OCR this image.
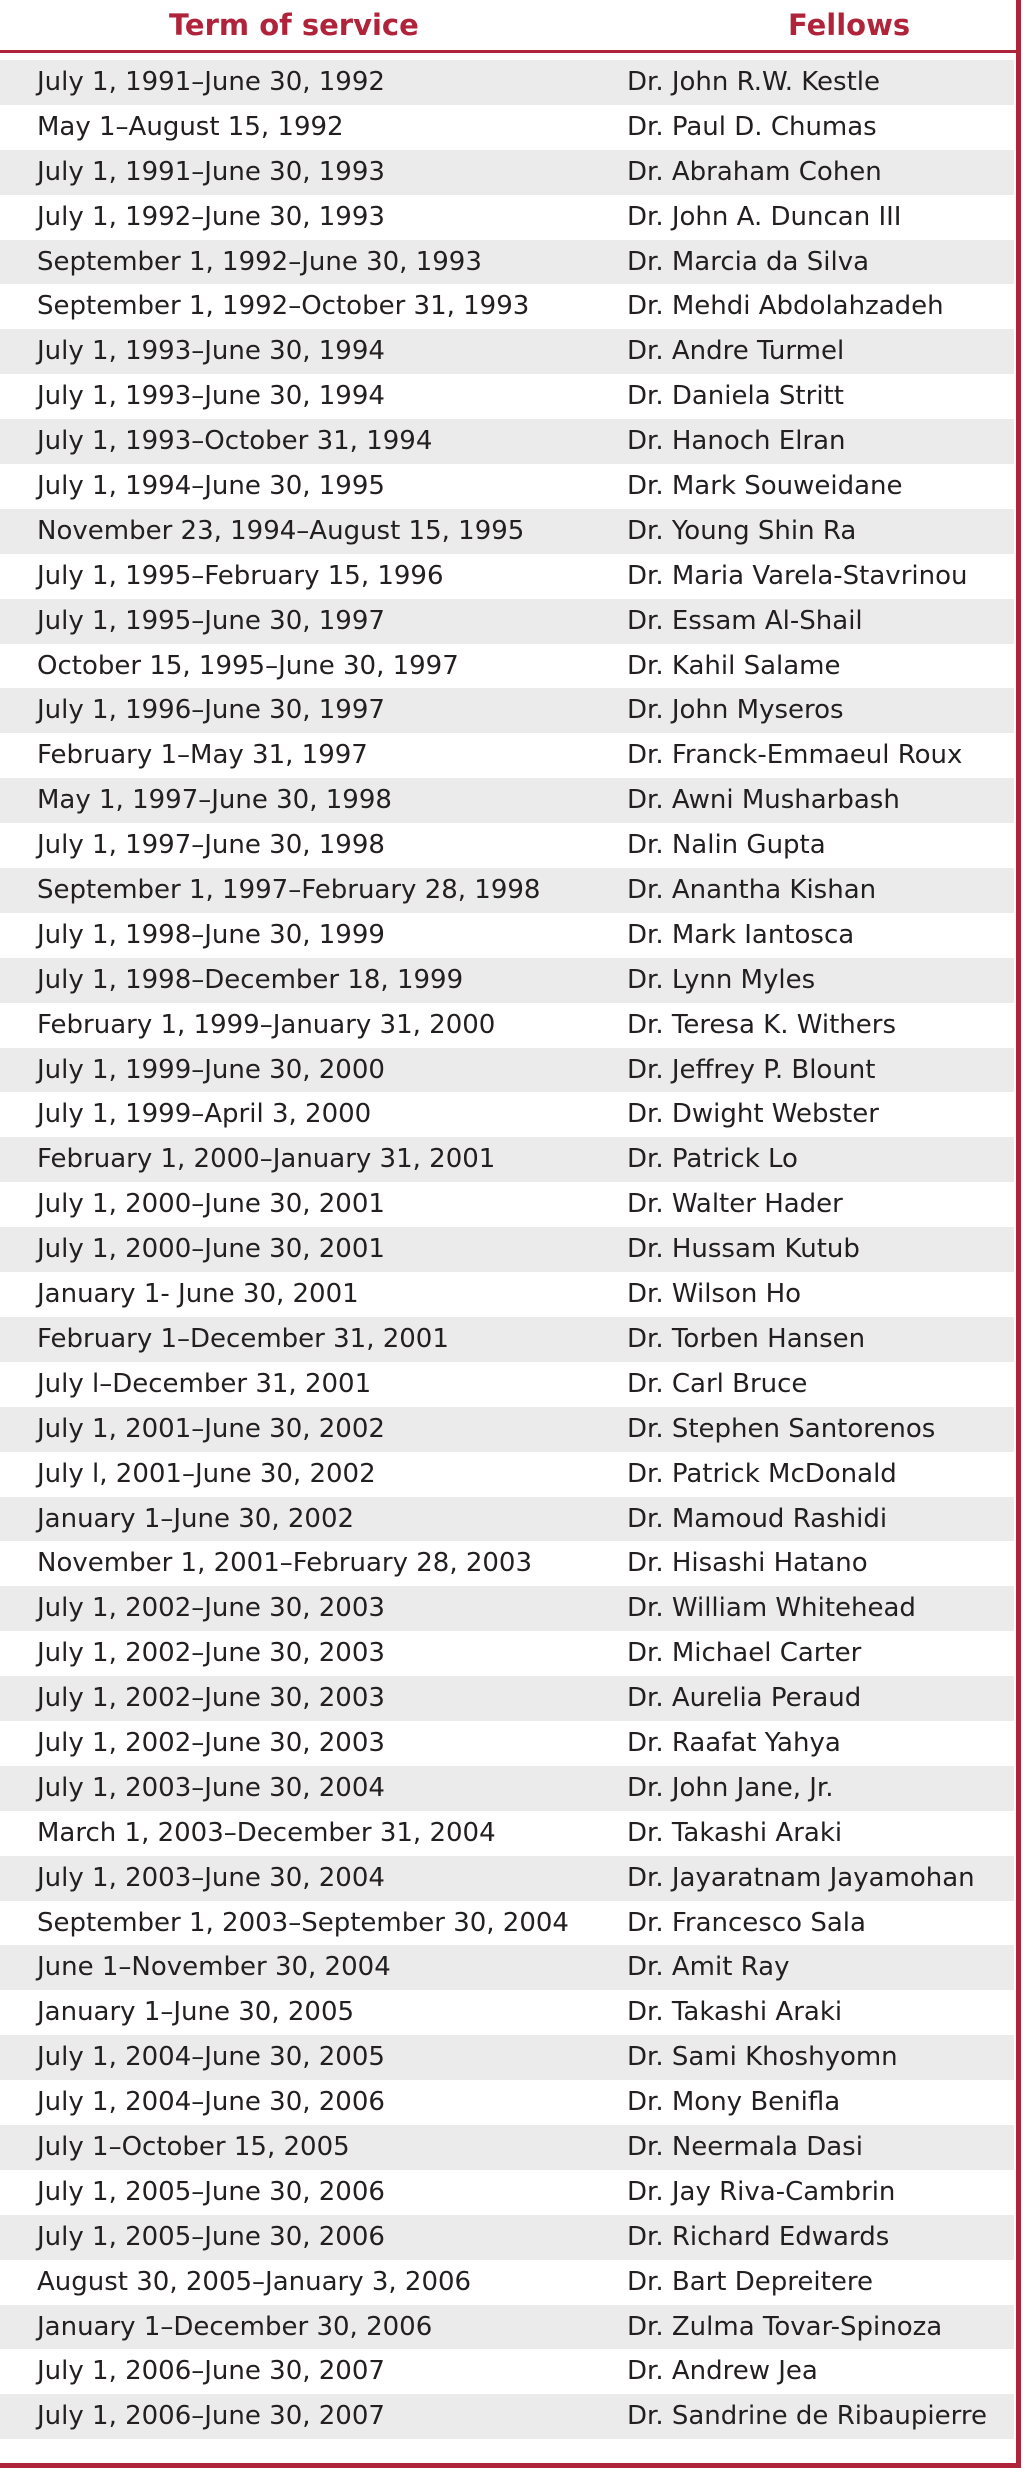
Term of service	Fellows
July 1, 1991–June 30, 1992	Dr. John R.W. Kestle
May 1–August 15, 1992	Dr. Paul D. Chumas
July 1, 1991–June 30, 1993	Dr. Abraham Cohen
July 1, 1992–June 30, 1993	Dr. John A. Duncan III
September 1, 1992–June 30, 1993	Dr. Marcia da Silva
September 1, 1992–October 31, 1993	Dr. Mehdi Abdolahzadeh
July 1, 1993–June 30, 1994	Dr. Andre Turmel
July 1, 1993–June 30, 1994	Dr. Daniela Stritt
July 1, 1993–October 31, 1994	Dr. Hanoch Elran
July 1, 1994–June 30, 1995	Dr. Mark Souweidane
November 23, 1994–August 15, 1995	Dr. Young Shin Ra
July 1, 1995–February 15, 1996	Dr. Maria Varela-Stavrinou
July 1, 1995–June 30, 1997	Dr. Essam Al-Shail
October 15, 1995–June 30, 1997	Dr. Kahil Salame
July 1, 1996–June 30, 1997	Dr. John Myseros
February 1–May 31, 1997	Dr. Franck-Emmaeul Roux
May 1, 1997–June 30, 1998	Dr. Awni Musharbash
July 1, 1997–June 30, 1998	Dr. Nalin Gupta
September 1, 1997–February 28, 1998	Dr. Anantha Kishan
July 1, 1998–June 30, 1999	Dr. Mark Iantosca
July 1, 1998–December 18, 1999	Dr. Lynn Myles
February 1, 1999–January 31, 2000	Dr. Teresa K. Withers
July 1, 1999–June 30, 2000	Dr. Jeffrey P. Blount
July 1, 1999–April 3, 2000	Dr. Dwight Webster
February 1, 2000–January 31, 2001	Dr. Patrick Lo
July 1, 2000–June 30, 2001	Dr. Walter Hader
July 1, 2000–June 30, 2001	Dr. Hussam Kutub
January 1- June 30, 2001	Dr. Wilson Ho
February 1–December 31, 2001	Dr. Torben Hansen
July l–December 31, 2001	Dr. Carl Bruce
July 1, 2001–June 30, 2002	Dr. Stephen Santorenos
July l, 2001–June 30, 2002	Dr. Patrick McDonald
January 1–June 30, 2002	Dr. Mamoud Rashidi
November 1, 2001–February 28, 2003	Dr. Hisashi Hatano
July 1, 2002–June 30, 2003	Dr. William Whitehead
July 1, 2002–June 30, 2003	Dr. Michael Carter
July 1, 2002–June 30, 2003	Dr. Aurelia Peraud
July 1, 2002–June 30, 2003	Dr. Raafat Yahya
July 1, 2003–June 30, 2004	Dr. John Jane, Jr.
March 1, 2003–December 31, 2004	Dr. Takashi Araki
July 1, 2003–June 30, 2004	Dr. Jayaratnam Jayamohan
September 1, 2003–September 30, 2004 Dr. Francesco Sala
June 1–November 30, 2004	Dr. Amit Ray
January 1–June 30, 2005	Dr. Takashi Araki
July 1, 2004–June 30, 2005	Dr. Sami Khoshyomn
July 1, 2004–June 30, 2006	Dr. Mony Benifla
July 1–October 15, 2005	Dr. Neermala Dasi
July 1, 2005–June 30, 2006	Dr. Jay Riva-Cambrin
July 1, 2005–June 30, 2006	Dr. Richard Edwards
August 30, 2005–January 3, 2006	Dr. Bart Depreitere
January 1–December 30, 2006	Dr. Zulma Tovar-Spinoza
July 1, 2006–June 30, 2007	Dr. Andrew Jea
July 1, 2006–June 30, 2007	Dr. Sandrine de Ribaupierre
